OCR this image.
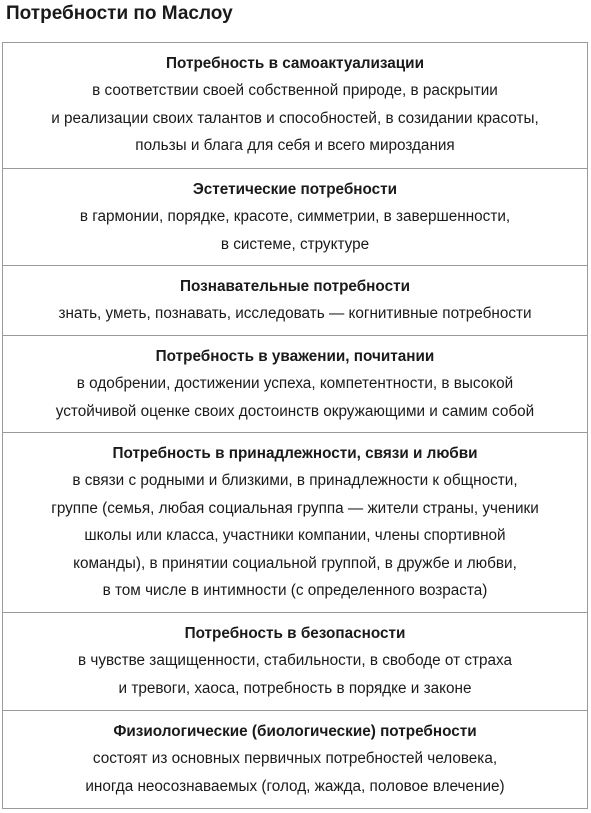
Потребности по Маслоу
Потребность в самоактуализации
в соответствии своей собственной природе, в раскрытии
и реализации своих талантов и способностей, в созидании красоты,
пользы и блага для себя и всего мироздания
Эстетические потребности
в гармонии, порядке, красоте, симметрии, в завершенности,
в системе, структуре
Познавательные потребности
знать, уметь, познавать, исследовать — когнитивные потребности
Потребность в уважении, почитании
в одобрении, достижении успеха, компетентности, в высокой
устойчивой оценке своих достоинств окружающими и самим собой
Потребность в принадлежности, связи и любви
в связи с родными и близкими, в принадлежности к общности,
группе (семья, любая социальная группа — жители страны, ученики
школы или класса, участники компании, члены спортивной
команды), в принятии социальной группой, в дружбе и любви,
в том числе в интимности (с определенного возраста)
Потребность в безопасности
в чувстве защищенности, стабильности, в свободе от страха
и тревоги, хаоса, потребность в порядке и законе
Физиологические (биологические) потребности
состоят из основных первичных потребностей человека,
иногда неосознаваемых (голод, жажда, половое влечение)
